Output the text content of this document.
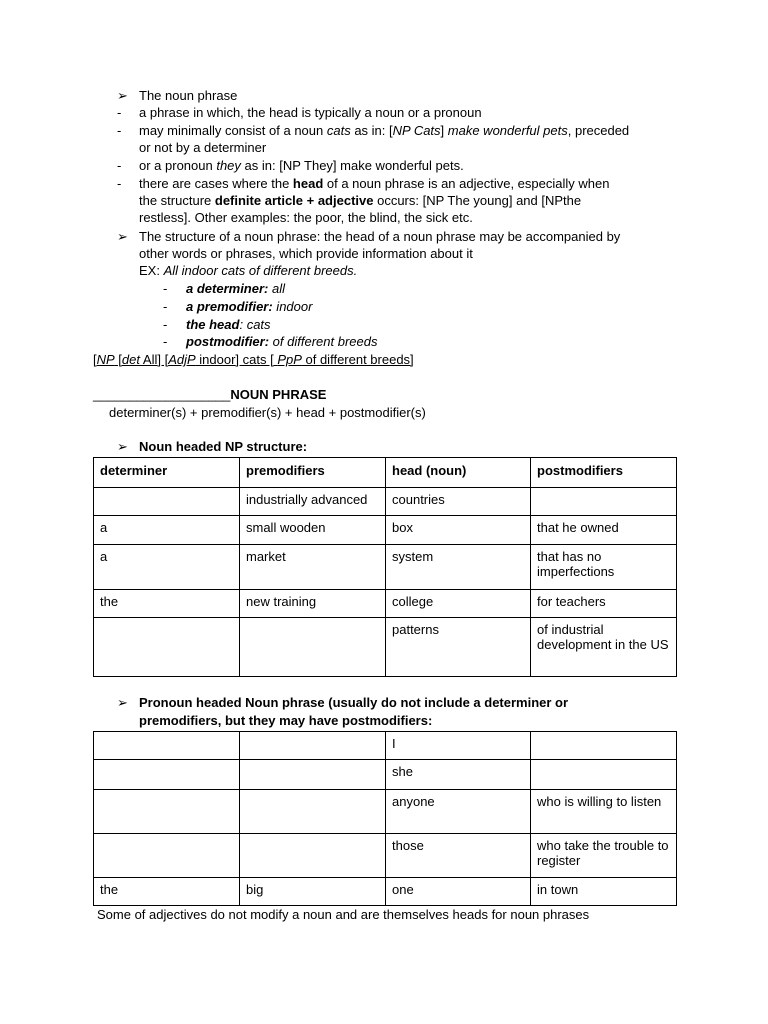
➢ The noun phrase
-	a phrase in which, the head is typically a noun or a pronoun
-	may minimally consist of a noun cats as in: [NP Cats] make wonderful pets, preceded
or not by a determiner
-	or a pronoun they as in: [NP They] make wonderful pets.
-	there are cases where the head of a noun phrase is an adjective, especially when
the structure definite article + adjective occurs: [NP The young] and [NPthe
restless]. Other examples: the poor, the blind, the sick etc.
➢ The structure of a noun phrase: the head of a noun phrase may be accompanied by
other words or phrases, which provide information about it
EX: All indoor cats of different breeds.
-	a determiner: all
-	a premodifier: indoor
-	the head: cats
-	postmodifier: of different breeds
[NP [det All] [AdjP indoor] cats [ PpP of different breeds]
___________________NOUN PHRASE
determiner(s) + premodifier(s) + head + postmodifier(s)
➢ Noun headed NP structure:
determiner	premodifiers	head (noun)	postmodifiers
	industrially advanced	countries	
a	small wooden	box	that he owned
a	market	system	that has no imperfections
the	new training	college	for teachers
		patterns	of industrial development in the US
➢ Pronoun headed Noun phrase (usually do not include a determiner or
premodifiers, but they may have postmodifiers:
		I	
		she	
		anyone	who is willing to listen
		those	who take the trouble to register
the	big	one	in town
Some of adjectives do not modify a noun and are themselves heads for noun phrases
